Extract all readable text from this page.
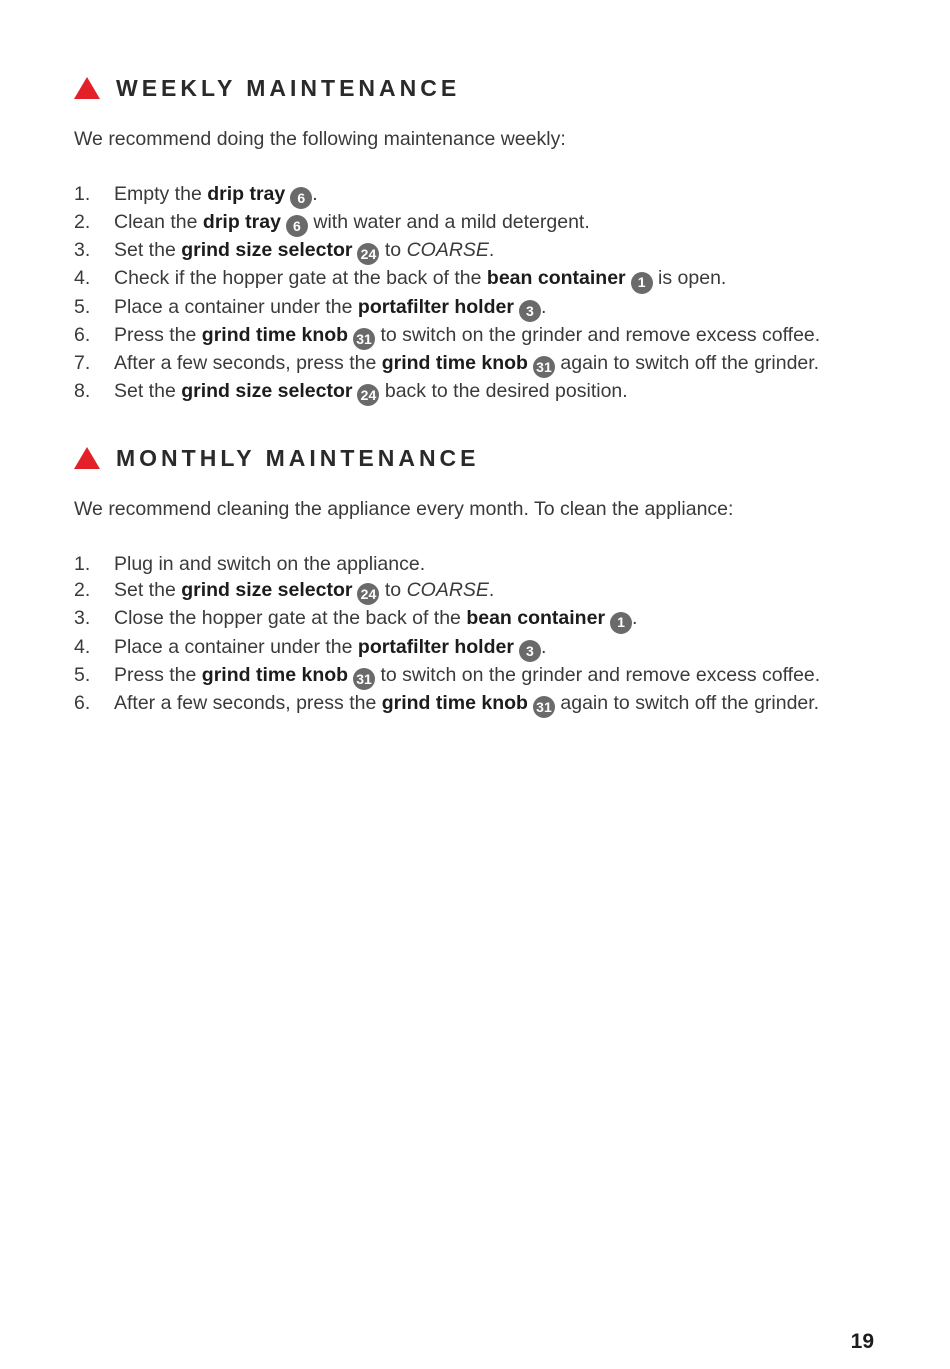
WEEKLY MAINTENANCE
We recommend doing the following maintenance weekly:
1. Empty the drip tray 6 .
2. Clean the drip tray 6 with water and a mild detergent.
3. Set the grind size selector 24 to COARSE.
4. Check if the hopper gate at the back of the bean container 1 is open.
5. Place a container under the portafilter holder 3 .
6. Press the grind time knob 31 to switch on the grinder and remove excess coffee.
7. After a few seconds, press the grind time knob 31 again to switch off the grinder.
8. Set the grind size selector 24 back to the desired position.
MONTHLY MAINTENANCE
We recommend cleaning the appliance every month. To clean the appliance:
1. Plug in and switch on the appliance.
2. Set the grind size selector 24 to COARSE.
3. Close the hopper gate at the back of the bean container 1 .
4. Place a container under the portafilter holder 3 .
5. Press the grind time knob 31 to switch on the grinder and remove excess coffee.
6. After a few seconds, press the grind time knob 31 again to switch off the grinder.
19
